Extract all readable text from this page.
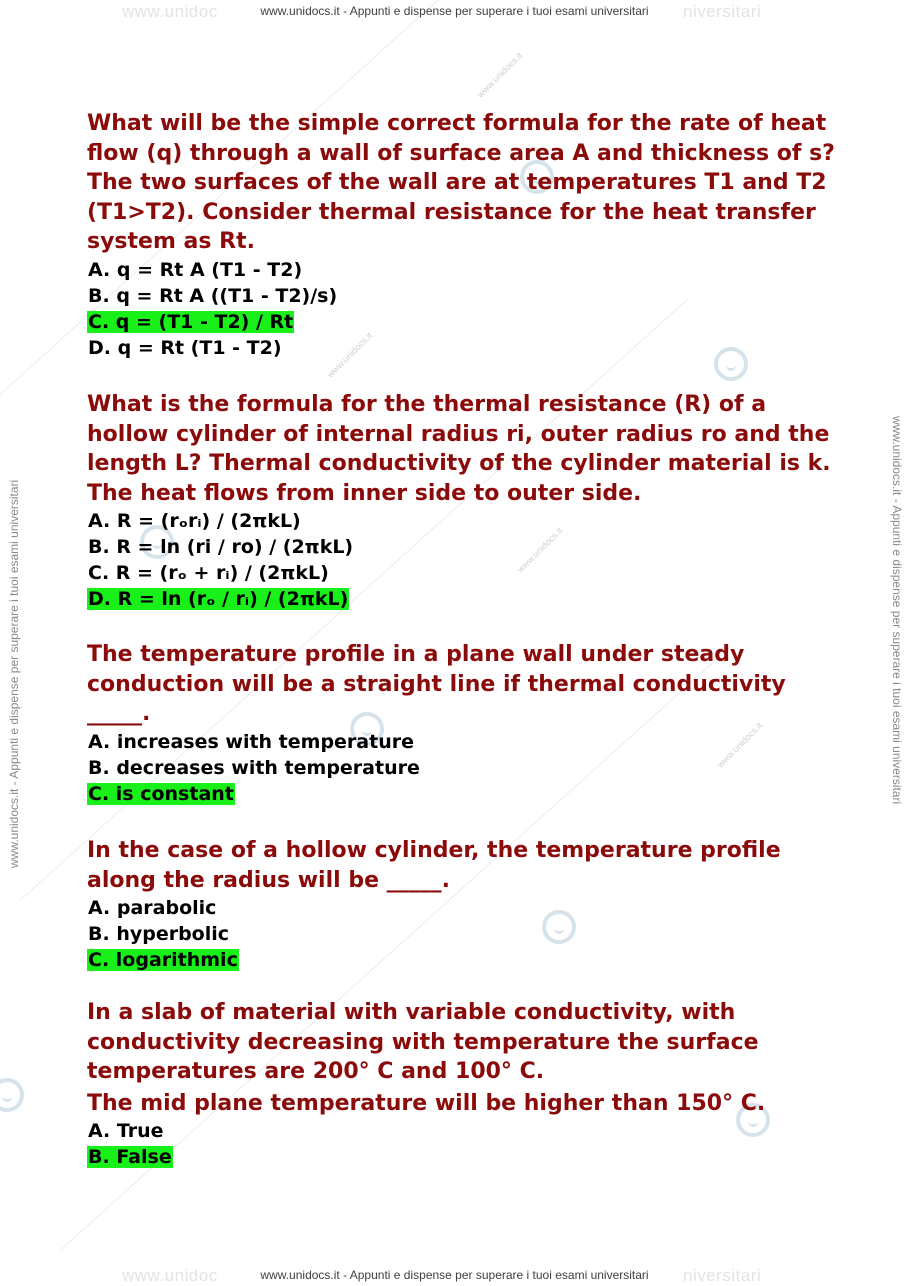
www.unidocs.it
www.unidocs.it
www.unidocs.it
www.unidocs.it
www.unidoc	niversitari
www.unidoc	niversitari
www.unidocs.it - Appunti e dispense per superare i tuoi esami universitari
www.unidocs.it - Appunti e dispense per superare i tuoi esami universitari
www.unidocs.it - Appunti e dispense per superare i tuoi esami universitari	www.unidocs.it - Appunti e dispense per superare i tuoi esami universitari

What will be the simple correct formula for the rate of heat flow (q) through a wall of surface area A and thickness of s? The two surfaces of the wall are at temperatures T1 and T2 (T1>T2). Consider thermal resistance for the heat transfer system as Rt.

A. q = Rt A (T1 - T2)

B. q = Rt A ((T1 - T2)/s)

C. q = (T1 - T2) / Rt

D. q = Rt (T1 - T2)

What is the formula for the thermal resistance (R) of a hollow cylinder of internal radius ri, outer radius ro and the length L? Thermal conductivity of the cylinder material is k. The heat flows from inner side to outer side.

A. R = (rₒrᵢ) / (2πkL)

B. R = ln (ri / ro) / (2πkL)

C. R = (rₒ + rᵢ) / (2πkL)

D. R = ln (rₒ / rᵢ) / (2πkL)

The temperature profile in a plane wall under steady conduction will be a straight line if thermal conductivity _____.

A. increases with temperature

B. decreases with temperature

C. is constant

In the case of a hollow cylinder, the temperature profile along the radius will be _____.

A. parabolic

B. hyperbolic

C. logarithmic

In a slab of material with variable conductivity, with conductivity decreasing with temperature the surface temperatures are 200° C and 100° C.

The mid plane temperature will be higher than 150° C.

A. True

B. False
